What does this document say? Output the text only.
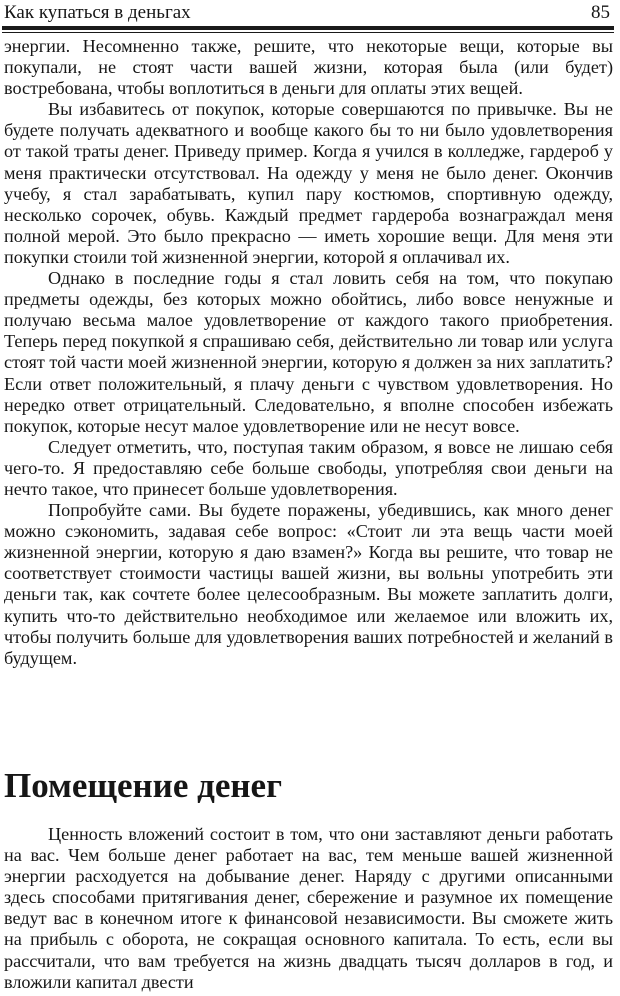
Как купаться в деньгах	85

энергии. Несомненно также, решите, что некоторые вещи, которые вы покупали, не стоят части вашей жизни, которая была (или будет) востребована, чтобы воплотиться в деньги для оплаты этих вещей.

Вы избавитесь от покупок, которые совершаются по привычке. Вы не будете получать адекватного и вообще какого бы то ни было удовлетворения от такой траты денег. Приведу пример. Когда я учился в колледже, гардероб у меня практически отсутствовал. На одежду у меня не было денег. Окончив учебу, я стал зарабатывать, купил пару костюмов, спортивную одежду, несколько сорочек, обувь. Каждый предмет гардероба вознаграждал меня полной мерой. Это было прекрасно — иметь хорошие вещи. Для меня эти покупки стоили той жизненной энергии, которой я оплачивал их.

Однако в последние годы я стал ловить себя на том, что покупаю предметы одежды, без которых можно обойтись, либо вовсе ненужные и получаю весьма малое удовлетворение от каждого такого приобретения. Теперь перед покупкой я спрашиваю себя, действительно ли товар или услуга стоят той части моей жизненной энергии, которую я должен за них заплатить? Если ответ положительный, я плачу деньги с чувством удовлетворения. Но нередко ответ отрицательный. Следовательно, я вполне способен избежать покупок, которые несут малое удовлетворение или не несут вовсе.

Следует отметить, что, поступая таким образом, я вовсе не лишаю себя чего-то. Я предоставляю себе больше свободы, употребляя свои деньги на нечто такое, что принесет больше удовлетворения.

Попробуйте сами. Вы будете поражены, убедившись, как много денег можно сэкономить, задавая себе вопрос: «Стоит ли эта вещь части моей жизненной энергии, которую я даю взамен?» Когда вы решите, что товар не соответствует стоимости частицы вашей жизни, вы вольны употребить эти деньги так, как сочтете более целесообразным. Вы можете заплатить долги, купить что-то действительно необходимое или желаемое или вложить их, чтобы получить больше для удовлетворения ваших потребностей и желаний в будущем.

Помещение денег

Ценность вложений состоит в том, что они заставляют деньги работать на вас. Чем больше денег работает на вас, тем меньше вашей жизненной энергии расходуется на добывание денег. Наряду с другими описанными здесь способами притягивания денег, сбережение и разумное их помещение ведут вас в конечном итоге к финансовой независимости. Вы сможете жить на прибыль с оборота, не сокращая основного капитала. То есть, если вы рассчитали, что вам требуется на жизнь двадцать тысяч долларов в год, и вложили капитал двести
